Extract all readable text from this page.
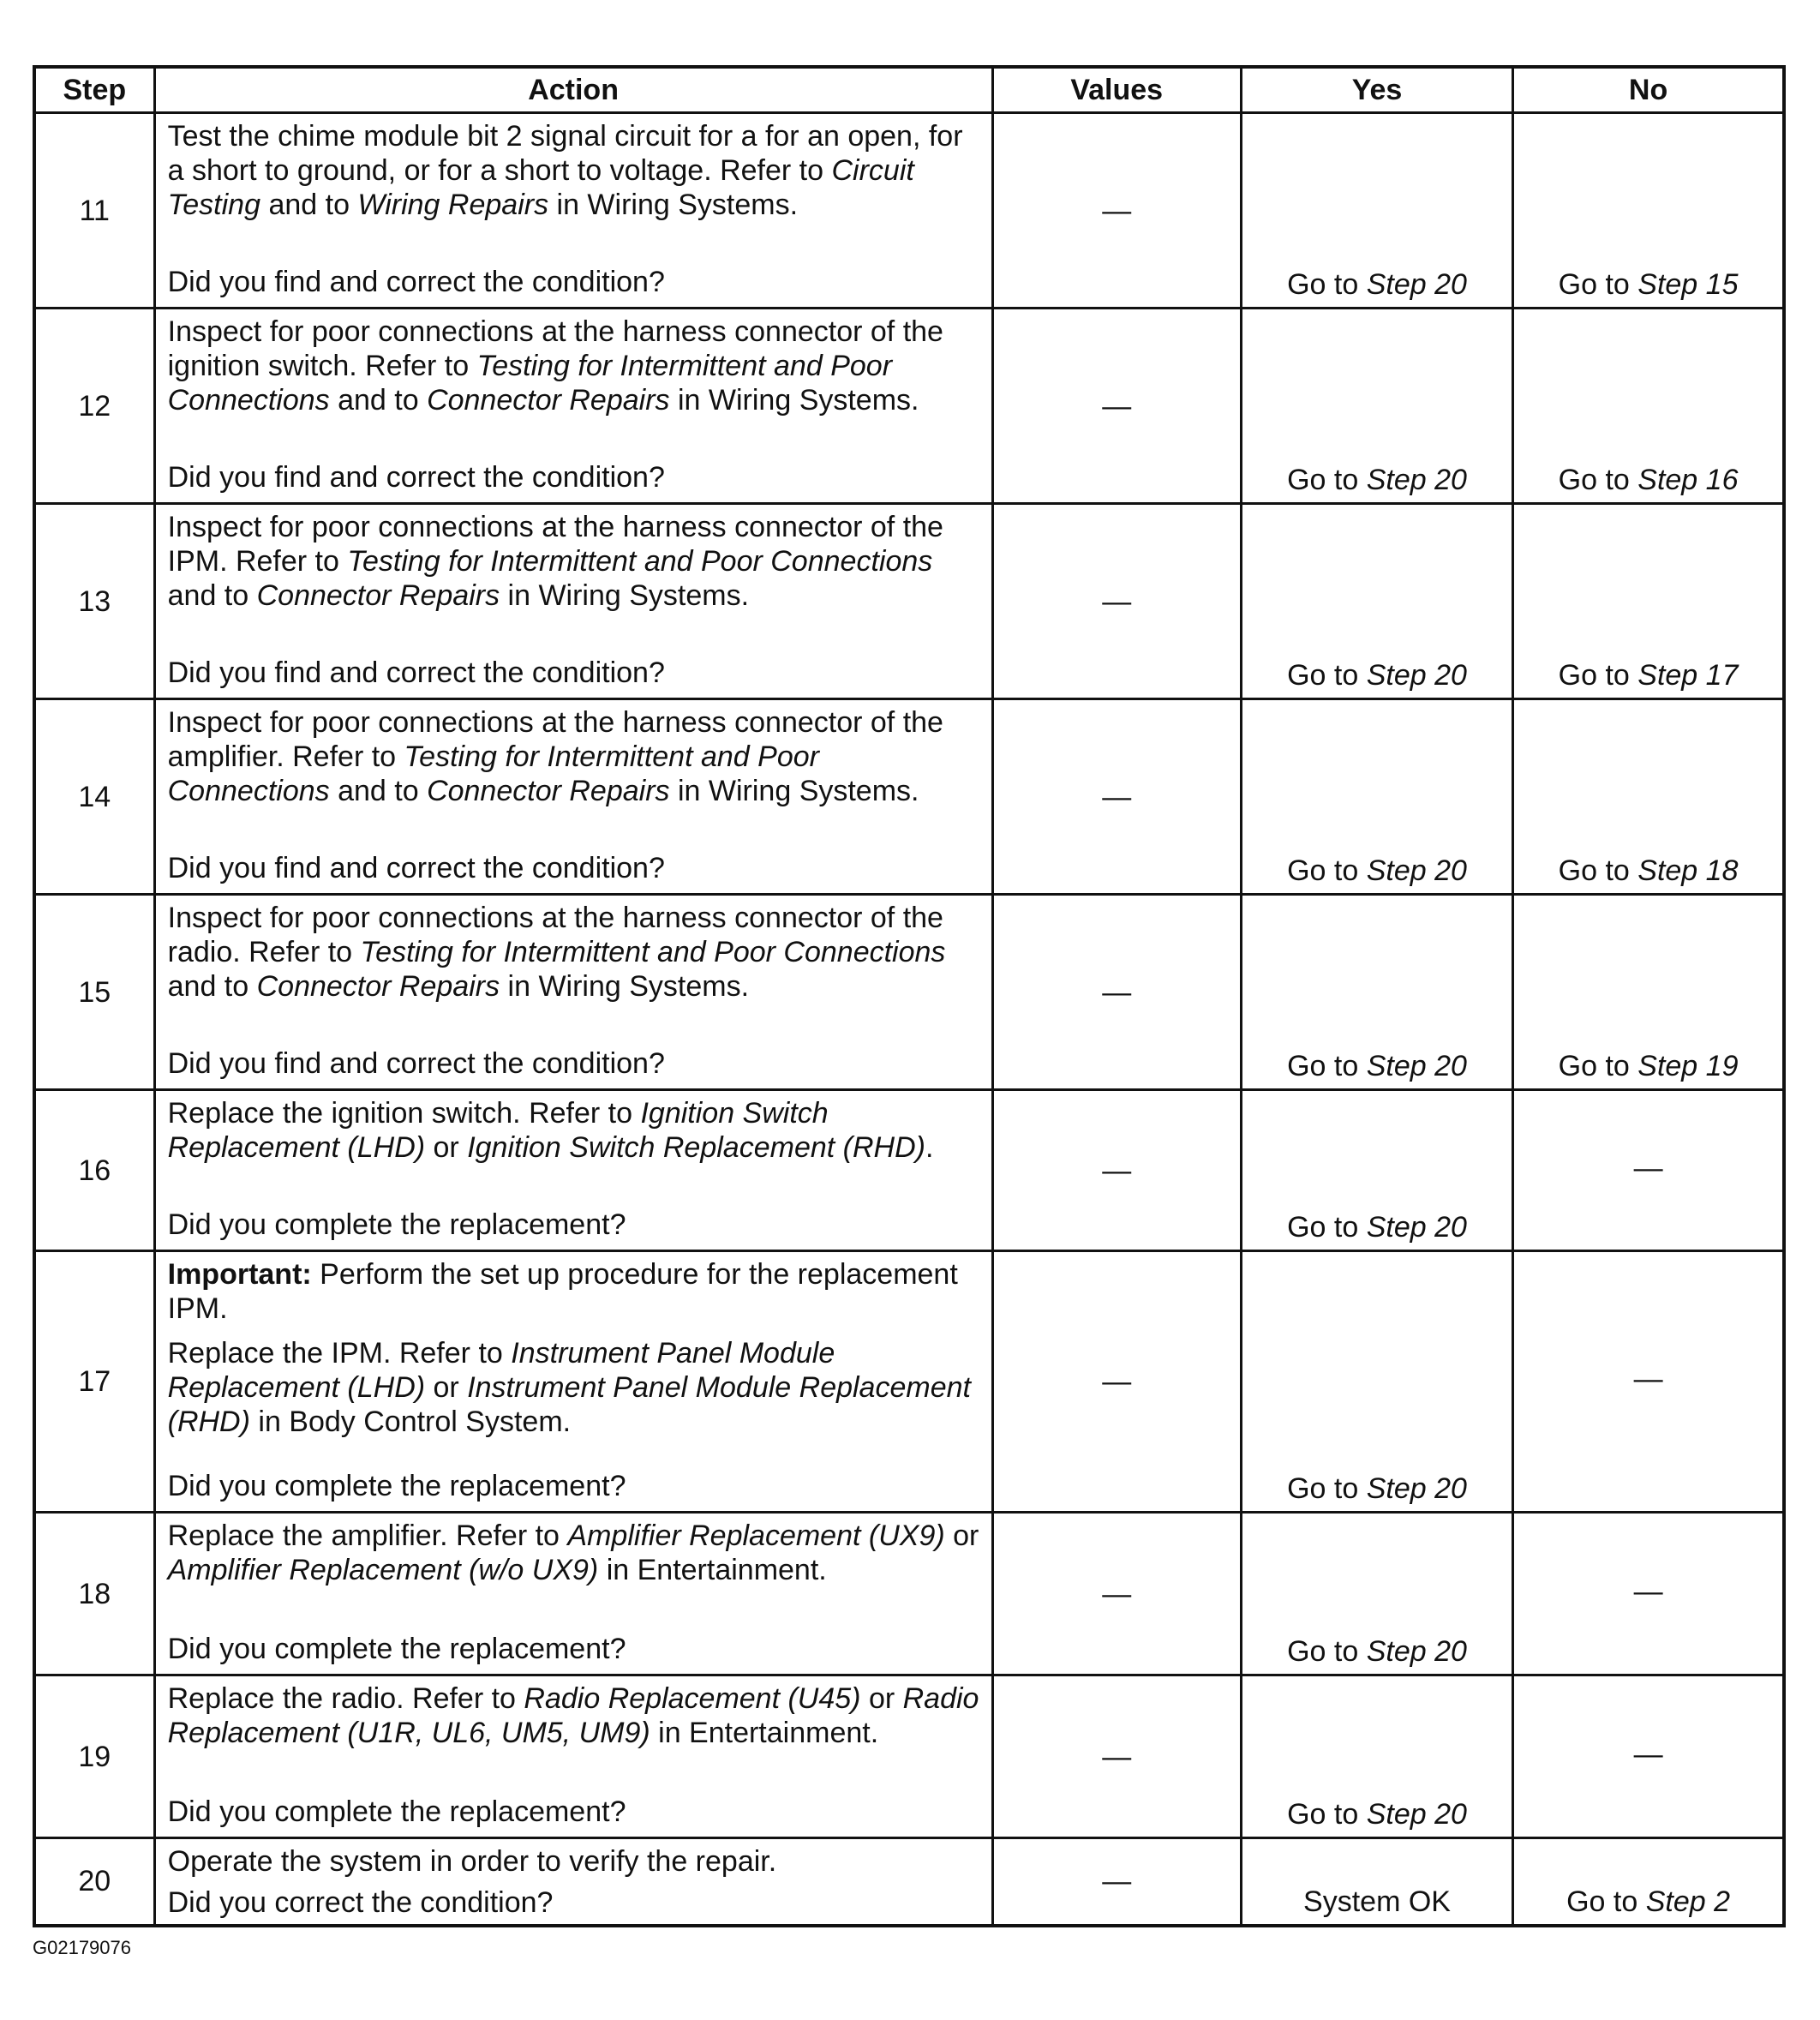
Step	Action	Values	Yes	No
11	Test the chime module bit 2 signal circuit for a for an open, for a short to ground, or for a short to voltage. Refer to Circuit Testing and to Wiring Repairs in Wiring Systems.

Did you find and correct the condition?	—	Go to Step 20	Go to Step 15
12	Inspect for poor connections at the harness connector of the ignition switch. Refer to Testing for Intermittent and Poor Connections and to Connector Repairs in Wiring Systems.

Did you find and correct the condition?	—	Go to Step 20	Go to Step 16
13	Inspect for poor connections at the harness connector of the IPM. Refer to Testing for Intermittent and Poor Connections and to Connector Repairs in Wiring Systems.

Did you find and correct the condition?	—	Go to Step 20	Go to Step 17
14	Inspect for poor connections at the harness connector of the amplifier. Refer to Testing for Intermittent and Poor Connections and to Connector Repairs in Wiring Systems.

Did you find and correct the condition?	—	Go to Step 20	Go to Step 18
15	Inspect for poor connections at the harness connector of the radio. Refer to Testing for Intermittent and Poor Connections and to Connector Repairs in Wiring Systems.

Did you find and correct the condition?	—	Go to Step 20	Go to Step 19
16	Replace the ignition switch. Refer to Ignition Switch Replacement (LHD) or Ignition Switch Replacement (RHD).

Did you complete the replacement?	—	Go to Step 20	—
17	Important: Perform the set up procedure for the replacement IPM.

Replace the IPM. Refer to Instrument Panel Module Replacement (LHD) or Instrument Panel Module Replacement (RHD) in Body Control System.

Did you complete the replacement?	—	Go to Step 20	—
18	Replace the amplifier. Refer to Amplifier Replacement (UX9) or Amplifier Replacement (w/o UX9) in Entertainment.

Did you complete the replacement?	—	Go to Step 20	—
19	Replace the radio. Refer to Radio Replacement (U45) or Radio Replacement (U1R, UL6, UM5, UM9) in Entertainment.

Did you complete the replacement?	—	Go to Step 20	—
20	Operate the system in order to verify the repair.

Did you correct the condition?	—	System OK	Go to Step 2
G02179076
